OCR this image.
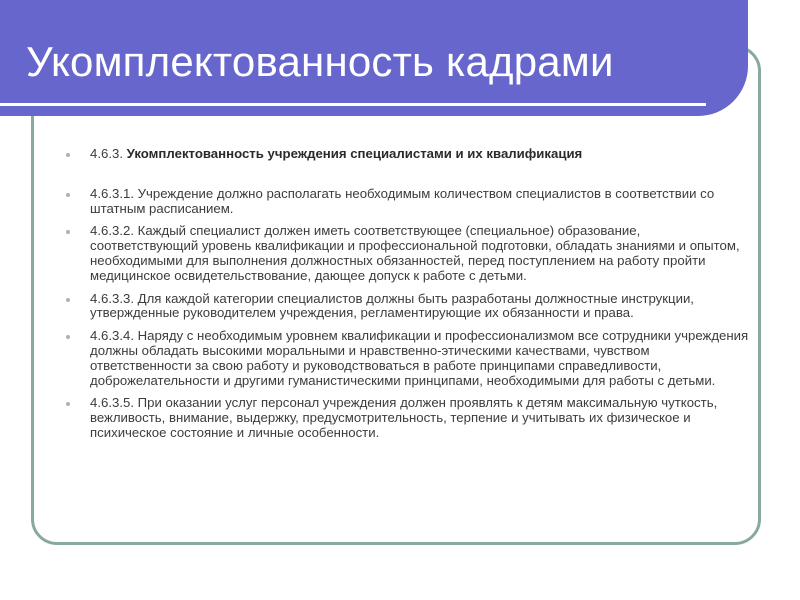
Укомплектованность кадрами
4.6.3. Укомплектованность учреждения специалистами и их квалификация
4.6.3.1. Учреждение должно располагать необходимым количеством специалистов в соответствии со штатным расписанием.
4.6.3.2. Каждый специалист должен иметь соответствующее (специальное) образование, соответствующий уровень квалификации и профессиональной подготовки, обладать знаниями и опытом, необходимыми для выполнения должностных обязанностей, перед поступлением на работу пройти медицинское освидетельствование, дающее допуск к работе с детьми.
4.6.3.3. Для каждой категории специалистов должны быть разработаны должностные инструкции, утвержденные руководителем учреждения, регламентирующие их обязанности и права.
4.6.3.4. Наряду с необходимым уровнем квалификации и профессионализмом все сотрудники учреждения должны обладать высокими моральными и нравственно-этическими качествами, чувством ответственности за свою работу и руководствоваться в работе принципами справедливости, доброжелательности и другими гуманистическими принципами, необходимыми для работы с детьми.
4.6.3.5. При оказании услуг персонал учреждения должен проявлять к детям максимальную чуткость, вежливость, внимание, выдержку, предусмотрительность, терпение и учитывать их физическое и психическое состояние и личные особенности.
